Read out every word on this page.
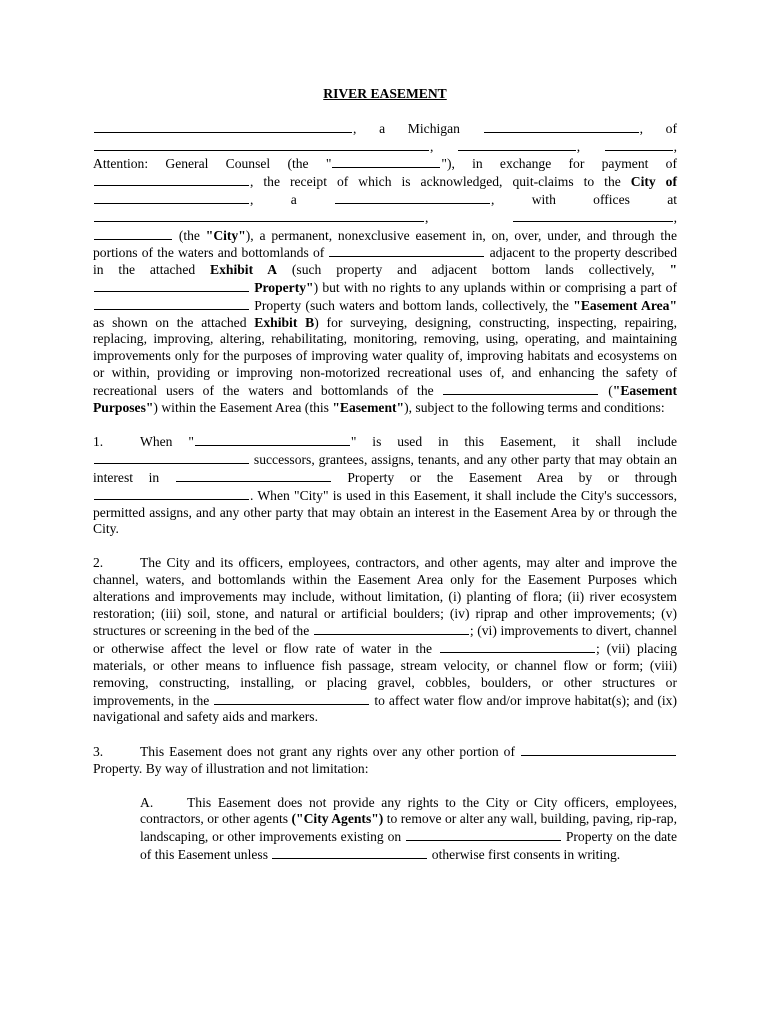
RIVER EASEMENT
, a Michigan	, of ,	,	, Attention: General Counsel (the "	"), in exchange for payment of , the receipt of which is acknowledged, quit-claims to the City of , a	, with offices at ,	,  (the "City"), a permanent, nonexclusive easement in, on, over, under, and through the portions of the waters and bottomlands of	adjacent to the property described in the attached Exhibit A (such property and adjacent bottom lands collectively, " Property") but with no rights to any uplands within or comprising a part of  Property (such waters and bottom lands, collectively, the "Easement Area" as shown on the attached Exhibit B) for surveying, designing, constructing, inspecting, repairing, replacing, improving, altering, rehabilitating, monitoring, removing, using, operating, and maintaining improvements only for the purposes of improving water quality of, improving habitats and ecosystems on or within, providing or improving non-motorized recreational uses of, and enhancing the safety of recreational users of the waters and bottomlands of the	("Easement Purposes") within the Easement Area (this "Easement"), subject to the following terms and conditions:
1.	When "	" is used in this Easement, it shall include  successors, grantees, assigns, tenants, and any other party that may obtain an interest in	Property or the Easement Area by or through . When "City" is used in this Easement, it shall include the City's successors, permitted assigns, and any other party that may obtain an interest in the Easement Area by or through the City.
2.	The City and its officers, employees, contractors, and other agents, may alter and improve the channel, waters, and bottomlands within the Easement Area only for the Easement Purposes which alterations and improvements may include, without limitation, (i) planting of flora; (ii) river ecosystem restoration; (iii) soil, stone, and natural or artificial boulders; (iv) riprap and other improvements; (v) structures or screening in the bed of the	; (vi) improvements to divert, channel or otherwise affect the level or flow rate of water in the	; (vii) placing materials, or other means to influence fish passage, stream velocity, or channel flow or form; (viii) removing, constructing, installing, or placing gravel, cobbles, boulders, or other structures or improvements, in the	to affect water flow and/or improve habitat(s); and (ix) navigational and safety aids and markers.
3.	This Easement does not grant any rights over any other portion of  Property. By way of illustration and not limitation:
A. This Easement does not provide any rights to the City or City officers, employees, contractors, or other agents ("City Agents") to remove or alter any wall, building, paving, rip-rap, landscaping, or other improvements existing on	Property on the date of this Easement unless	otherwise first consents in writing.
